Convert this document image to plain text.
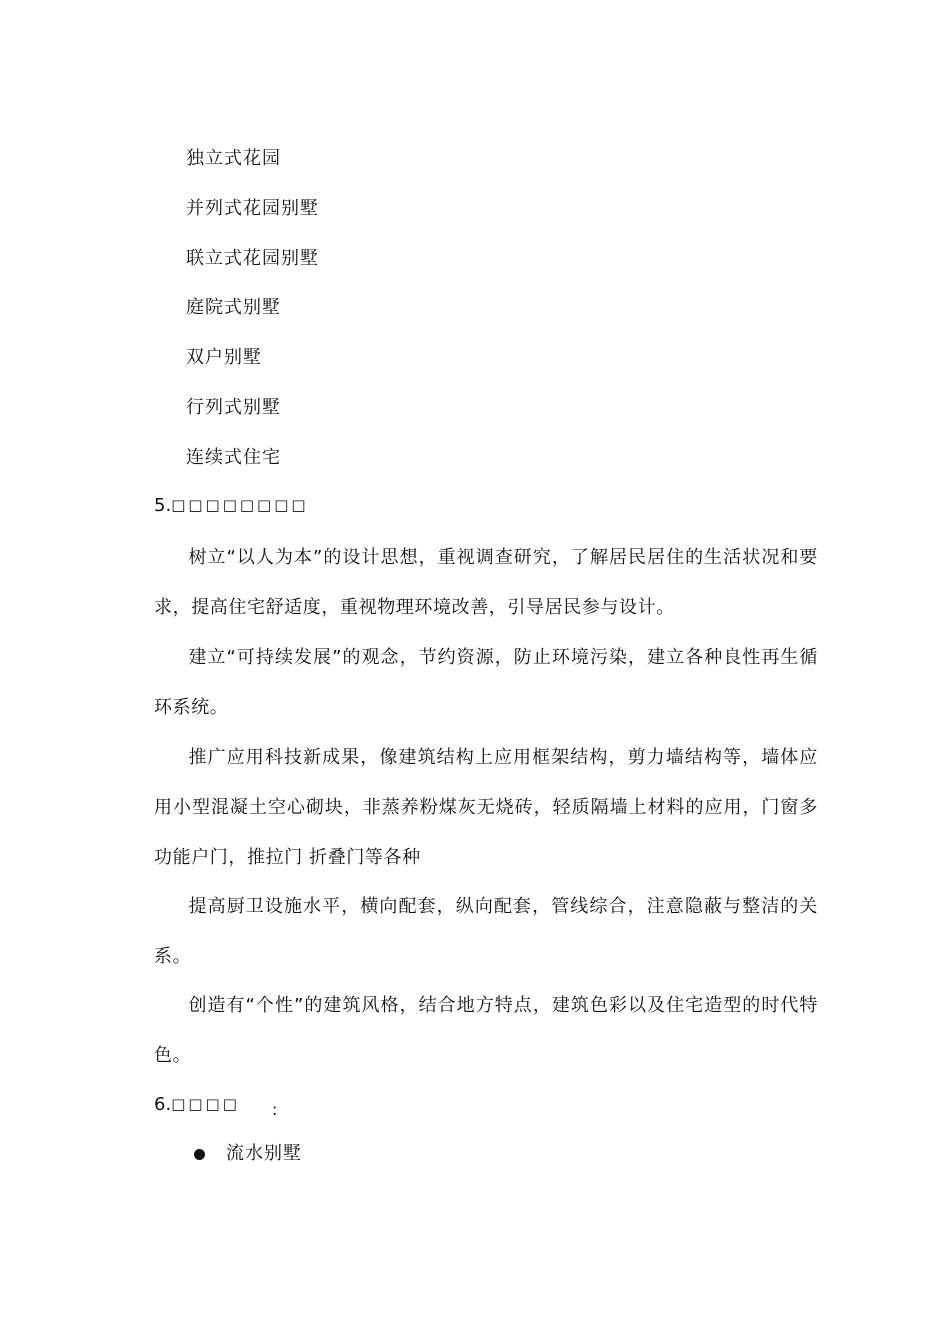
独立式花园
并列式花园别墅
联立式花园别墅
庭院式别墅
双户别墅
行列式别墅
连续式住宅
5.□□□□□□□□
树立“以人为本”的设计思想，重视调查研究，了解居民居住的生活状况和要求，提高住宅舒适度，重视物理环境改善，引导居民参与设计。
建立“可持续发展”的观念，节约资源，防止环境污染，建立各种良性再生循环系统。
推广应用科技新成果，像建筑结构上应用框架结构，剪力墙结构等，墙体应用小型混凝土空心砌块，非蒸养粉煤灰无烧砖，轻质隔墙上材料的应用，门窗多功能户门，推拉门 折叠门等各种
提高厨卫设施水平，横向配套，纵向配套，管线综合，注意隐蔽与整洁的关系。
创造有“个性”的建筑风格，结合地方特点，建筑色彩以及住宅造型的时代特色。
6.□□□□ :
流水别墅
